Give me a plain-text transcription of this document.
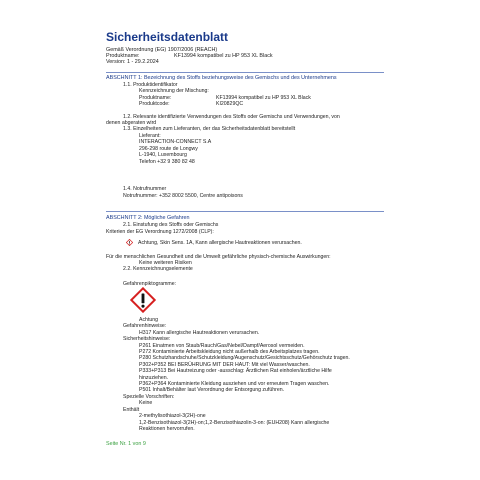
Sicherheitsdatenblatt
Gemäß Verordnung (EG) 1907/2006 (REACH)
Produktname:	KF13994 kompatibel zu HP 953 XL Black
Version: 1 - 29.2.2024
ABSCHNITT 1: Bezeichnung des Stoffs beziehungsweise des Gemischs und des Unternehmens
1.1. Produktidentifikator
Kennzeichnung der Mischung:
Produktname:	KF13994 kompatibel zu HP 953 XL Black
Produktcode:	KI20829QC
1.2. Relevante identifizierte Verwendungen des Stoffs oder Gemischs und Verwendungen, von
denen abgeraten wird
1.3. Einzelheiten zum Lieferanten, der das Sicherheitsdatenblatt bereitstellt
Lieferant:
INTERACTION-CONNECT S.A
296-298 route de Longwy
L-1940, Luxembourg
Telefon +32 9 380 82 48
1.4. Notrufnummer
Notrufnummer: +352 8002 5500, Centre antipoisons
ABSCHNITT 2: Mögliche Gefahren
2.1. Einstufung des Stoffs oder Gemischs
Kriterien der EG Verordnung 1272/2008 (CLP):
Achtung, Skin Sens. 1A, Kann allergische Hautreaktionen verursachen.
Für die menschlichen Gesundheit und die Umwelt gefährliche physisch-chemische Auswirkungen:
Keine weiteren Risiken
2.2. Kennzeichnungselemente
Gefahrenpiktogramme:
Achtung
Gefahrenhinweise:
H317 Kann allergische Hautreaktionen verursachen.
Sicherheitshinweise:
P261 Einatmen von Staub/Rauch/Gas/Nebel/Dampf/Aerosol vermeiden.
P272 Kontaminierte Arbeitskleidung nicht außerhalb des Arbeitsplatzes tragen.
P280 Schutzhandschuhe/Schutzkleidung/Augenschutz/Gesichtsschutz/Gehörschutz tragen.
P302+P352 BEI BERÜHRUNG MIT DER HAUT: Mit viel Wasser/waschen.
P333+P313 Bei Hautreizung oder -ausschlag: Ärztlichen Rat einholen/ärztliche Hilfe
hinzuziehen.
P362+P364 Kontaminierte Kleidung ausziehen und vor erneutem Tragen waschen.
P501 Inhalt/Behälter laut Verordnung der Entsorgung zuführen.
Spezielle Vorschriften:
Keine
Enthält
2-methylisothiazol-3(2H)-one
1,2-Benzisothiazol-3(2H)-on;1,2-Benzisothiazolin-3-on: (EUH208) Kann allergische
Reaktionen hervorrufen.
Seite Nr. 1 von 9
